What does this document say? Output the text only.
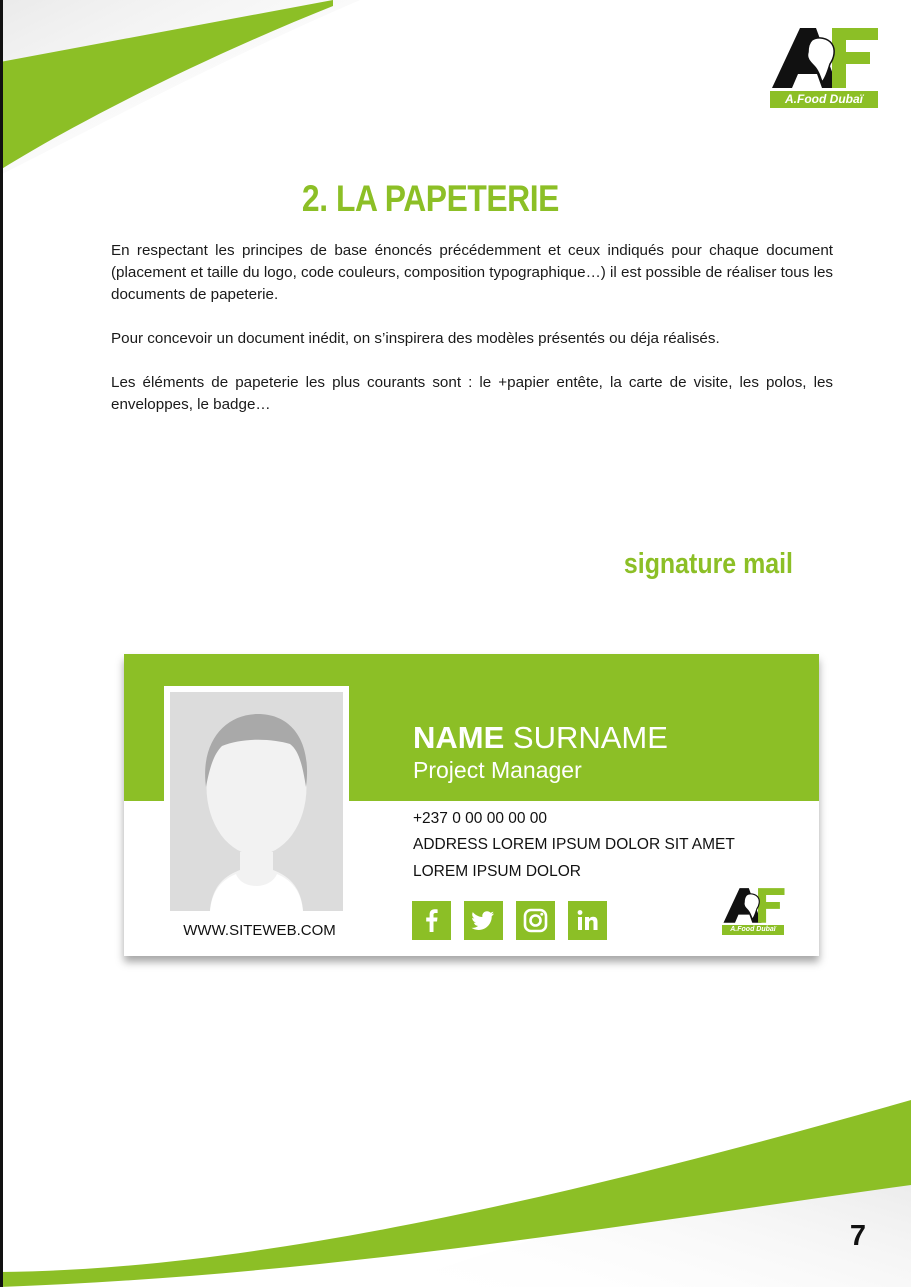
A.Food Dubaï
2. LA PAPETERIE

En respectant les principes de base énoncés précédemment et ceux indiqués pour chaque document (placement et taille du logo, code couleurs, composition typographique…) il est possible de réaliser tous les documents de papeterie.

Pour concevoir un document inédit, on s’inspirera des modèles présentés ou déja réalisés.

Les éléments de papeterie les plus courants sont : le +papier entête, la carte de visite, les polos, les enveloppes, le badge…

signature mail
WWW.SITEWEB.COM
NAME SURNAME
Project Manager
+237 0 00 00 00 00
ADDRESS LOREM IPSUM DOLOR SIT AMET
LOREM IPSUM DOLOR
A.Food Dubaï
7
